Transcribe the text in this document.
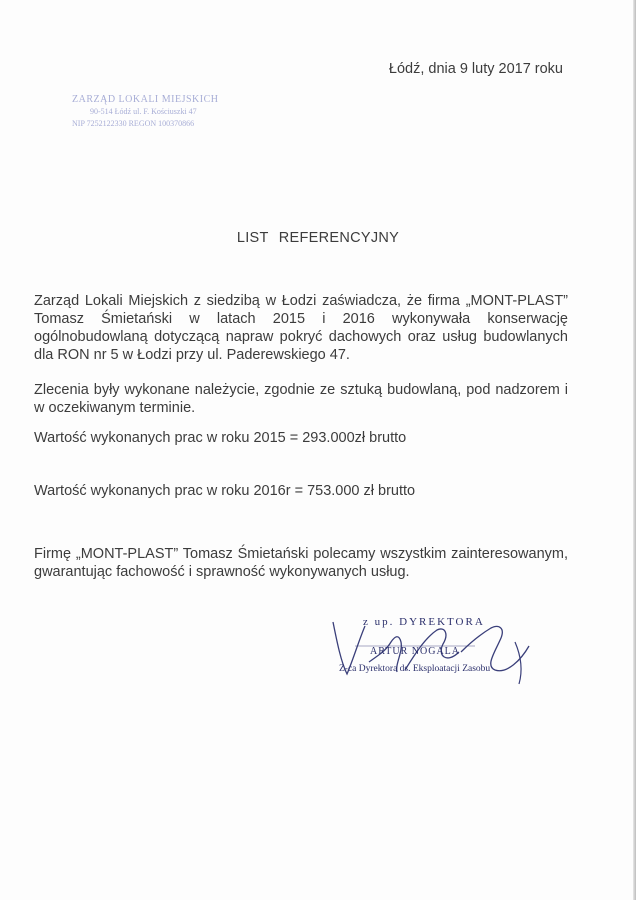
Łódź, dnia 9 luty 2017 roku
ZARZĄD LOKALI MIEJSKICH
90-514 Łódź ul. F. Kościuszki 47
NIP 7252122330 REGON 100370866
LIST REFERENCYJNY

Zarząd Lokali Miejskich z siedzibą w Łodzi zaświadcza, że firma „MONT-PLAST” Tomasz Śmietański w latach 2015 i 2016 wykonywała konserwację ogólnobudowlaną dotyczącą napraw pokryć dachowych oraz usług budowlanych dla RON nr 5 w Łodzi przy ul. Paderewskiego 47.

Zlecenia były wykonane należycie, zgodnie ze sztuką budowlaną, pod nadzorem i w oczekiwanym terminie.

Wartość wykonanych prac w roku 2015 = 293.000zł brutto

Wartość wykonanych prac w roku 2016r = 753.000 zł brutto

Firmę „MONT-PLAST” Tomasz Śmietański polecamy wszystkim zainteresowanym, gwarantując fachowość i sprawność wykonywanych usług.

z up. DYREKTORA
ARTUR NOGALA
Z-ca Dyrektora ds. Eksploatacji Zasobu
